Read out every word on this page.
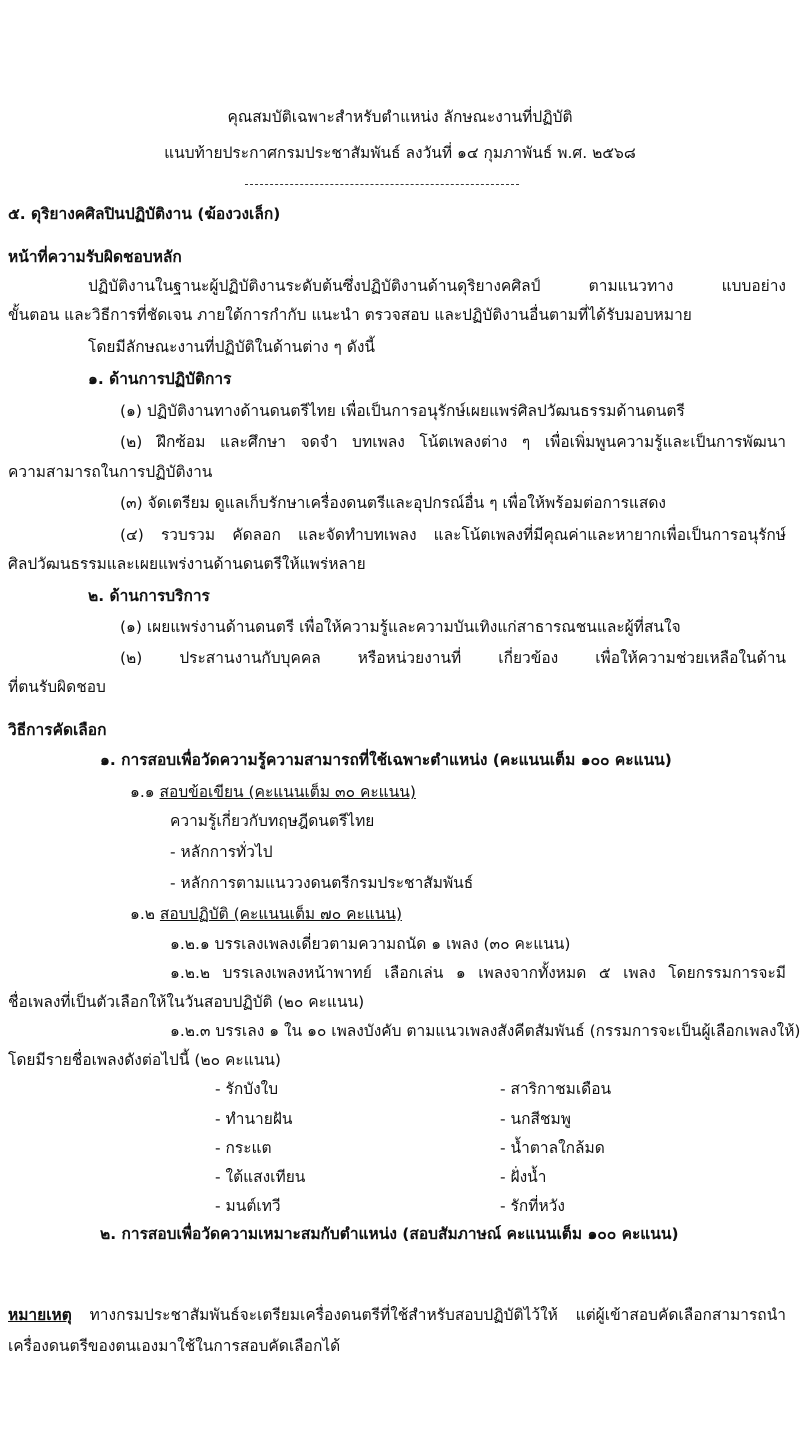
คุณสมบัติเฉพาะสำหรับตำแหน่ง ลักษณะงานที่ปฏิบัติ
แนบท้ายประกาศกรมประชาสัมพันธ์ ลงวันที่ ๑๔ กุมภาพันธ์ พ.ศ. ๒๕๖๘
๕. ดุริยางคศิลปินปฏิบัติงาน (ฆ้องวงเล็ก)
หน้าที่ความรับผิดชอบหลัก
ปฏิบัติงานในฐานะผู้ปฏิบัติงานระดับต้นซึ่งปฏิบัติงานด้านดุริยางคศิลป์ ตามแนวทาง แบบอย่าง
ขั้นตอน และวิธีการที่ชัดเจน ภายใต้การกำกับ แนะนำ ตรวจสอบ และปฏิบัติงานอื่นตามที่ได้รับมอบหมาย
โดยมีลักษณะงานที่ปฏิบัติในด้านต่าง ๆ ดังนี้
๑. ด้านการปฏิบัติการ
(๑) ปฏิบัติงานทางด้านดนตรีไทย เพื่อเป็นการอนุรักษ์เผยแพร่ศิลปวัฒนธรรมด้านดนตรี
(๒) ฝึกซ้อม และศึกษา จดจำ บทเพลง โน้ตเพลงต่าง ๆ เพื่อเพิ่มพูนความรู้และเป็นการพัฒนา
ความสามารถในการปฏิบัติงาน
(๓) จัดเตรียม ดูแลเก็บรักษาเครื่องดนตรีและอุปกรณ์อื่น ๆ เพื่อให้พร้อมต่อการแสดง
(๔) รวบรวม คัดลอก และจัดทำบทเพลง และโน้ตเพลงที่มีคุณค่าและหายากเพื่อเป็นการอนุรักษ์
ศิลปวัฒนธรรมและเผยแพร่งานด้านดนตรีให้แพร่หลาย
๒. ด้านการบริการ
(๑) เผยแพร่งานด้านดนตรี เพื่อให้ความรู้และความบันเทิงแก่สาธารณชนและผู้ที่สนใจ
(๒) ประสานงานกับบุคคล หรือหน่วยงานที่ เกี่ยวข้อง เพื่อให้ความช่วยเหลือในด้าน
ที่ตนรับผิดชอบ
วิธีการคัดเลือก
๑. การสอบเพื่อวัดความรู้ความสามารถที่ใช้เฉพาะตำแหน่ง (คะแนนเต็ม ๑๐๐ คะแนน)
๑.๑ สอบข้อเขียน (คะแนนเต็ม ๓๐ คะแนน)
ความรู้เกี่ยวกับทฤษฎีดนตรีไทย
- หลักการทั่วไป
- หลักการตามแนววงดนตรีกรมประชาสัมพันธ์
๑.๒ สอบปฏิบัติ (คะแนนเต็ม ๗๐ คะแนน)
๑.๒.๑ บรรเลงเพลงเดี่ยวตามความถนัด ๑ เพลง (๓๐ คะแนน)
๑.๒.๒ บรรเลงเพลงหน้าพาทย์ เลือกเล่น ๑ เพลงจากทั้งหมด ๕ เพลง โดยกรรมการจะมี
ชื่อเพลงที่เป็นตัวเลือกให้ในวันสอบปฏิบัติ (๒๐ คะแนน)
๑.๒.๓ บรรเลง ๑ ใน ๑๐ เพลงบังคับ ตามแนวเพลงสังคีตสัมพันธ์ (กรรมการจะเป็นผู้เลือกเพลงให้)
โดยมีรายชื่อเพลงดังต่อไปนี้ (๒๐ คะแนน)
- รักบังใบ
- ทำนายฝัน
- กระแต
- ใต้แสงเทียน
- มนต์เทวี
- สาริกาชมเดือน
- นกสีชมพู
- น้ำตาลใกล้มด
- ฝั่งน้ำ
- รักที่หวัง
๒. การสอบเพื่อวัดความเหมาะสมกับตำแหน่ง (สอบสัมภาษณ์ คะแนนเต็ม ๑๐๐ คะแนน)
หมายเหตุ ทางกรมประชาสัมพันธ์จะเตรียมเครื่องดนตรีที่ใช้สำหรับสอบปฏิบัติไว้ให้ แต่ผู้เข้าสอบคัดเลือกสามารถนำ
เครื่องดนตรีของตนเองมาใช้ในการสอบคัดเลือกได้
